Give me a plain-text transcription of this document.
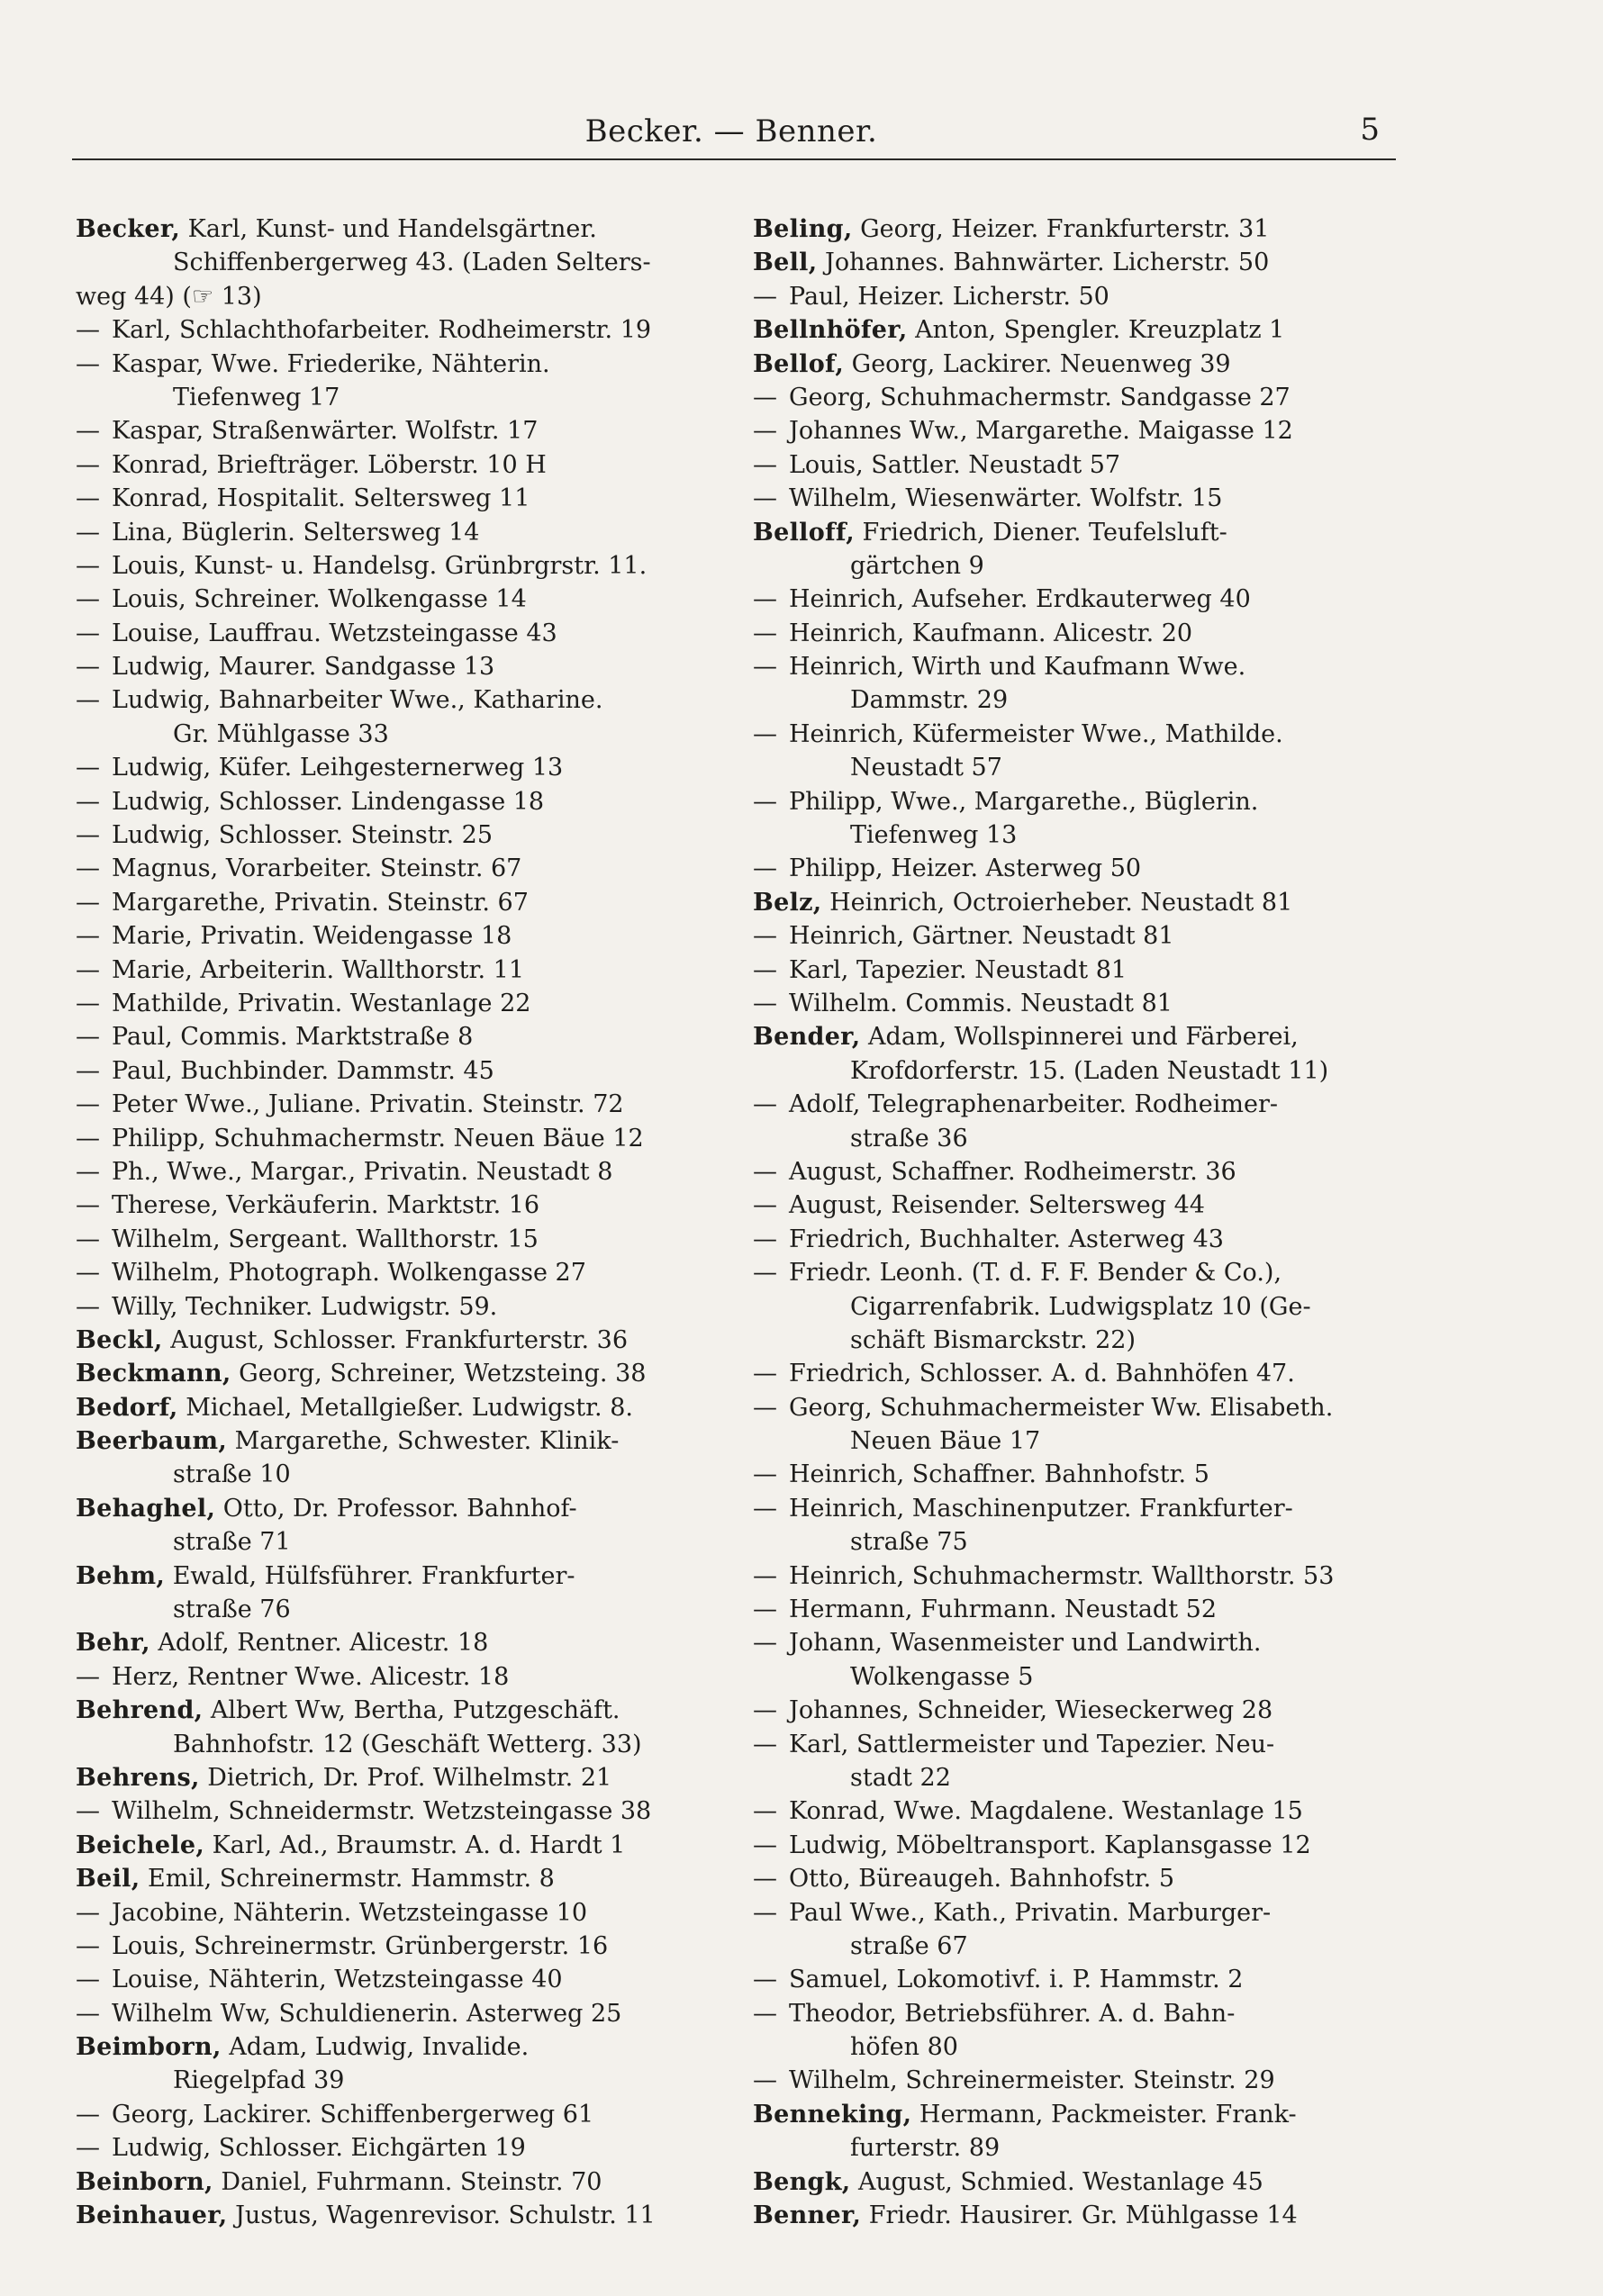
Becker. — Benner.	5
Becker, Karl, Kunst- und Handelsgärtner.
Schiffenbergerweg 43. (Laden Selters-
weg 44) (☞ 13)
— Karl, Schlachthofarbeiter. Rodheimerstr. 19
— Kaspar, Wwe. Friederike, Nähterin.
Tiefenweg 17
— Kaspar, Straßenwärter. Wolfstr. 17
— Konrad, Briefträger. Löberstr. 10 H
— Konrad, Hospitalit. Seltersweg 11
— Lina, Büglerin. Seltersweg 14
— Louis, Kunst- u. Handelsg. Grünbrgrstr. 11.
— Louis, Schreiner. Wolkengasse 14
— Louise, Lauffrau. Wetzsteingasse 43
— Ludwig, Maurer. Sandgasse 13
— Ludwig, Bahnarbeiter Wwe., Katharine.
Gr. Mühlgasse 33
— Ludwig, Küfer. Leihgesternerweg 13
— Ludwig, Schlosser. Lindengasse 18
— Ludwig, Schlosser. Steinstr. 25
— Magnus, Vorarbeiter. Steinstr. 67
— Margarethe, Privatin. Steinstr. 67
— Marie, Privatin. Weidengasse 18
— Marie, Arbeiterin. Wallthorstr. 11
— Mathilde, Privatin. Westanlage 22
— Paul, Commis. Marktstraße 8
— Paul, Buchbinder. Dammstr. 45
— Peter Wwe., Juliane. Privatin. Steinstr. 72
— Philipp, Schuhmachermstr. Neuen Bäue 12
— Ph., Wwe., Margar., Privatin. Neustadt 8
— Therese, Verkäuferin. Marktstr. 16
— Wilhelm, Sergeant. Wallthorstr. 15
— Wilhelm, Photograph. Wolkengasse 27
— Willy, Techniker. Ludwigstr. 59.
Beckl, August, Schlosser. Frankfurterstr. 36
Beckmann, Georg, Schreiner, Wetzsteing. 38
Bedorf, Michael, Metallgießer. Ludwigstr. 8.
Beerbaum, Margarethe, Schwester. Klinik-
straße 10
Behaghel, Otto, Dr. Professor. Bahnhof-
straße 71
Behm, Ewald, Hülfsführer. Frankfurter-
straße 76
Behr, Adolf, Rentner. Alicestr. 18
— Herz, Rentner Wwe. Alicestr. 18
Behrend, Albert Ww, Bertha, Putzgeschäft.
Bahnhofstr. 12 (Geschäft Wetterg. 33)
Behrens, Dietrich, Dr. Prof. Wilhelmstr. 21
— Wilhelm, Schneidermstr. Wetzsteingasse 38
Beichele, Karl, Ad., Braumstr. A. d. Hardt 1
Beil, Emil, Schreinermstr. Hammstr. 8
— Jacobine, Nähterin. Wetzsteingasse 10
— Louis, Schreinermstr. Grünbergerstr. 16
— Louise, Nähterin, Wetzsteingasse 40
— Wilhelm Ww, Schuldienerin. Asterweg 25
Beimborn, Adam, Ludwig, Invalide.
Riegelpfad 39
— Georg, Lackirer. Schiffenbergerweg 61
— Ludwig, Schlosser. Eichgärten 19
Beinborn, Daniel, Fuhrmann. Steinstr. 70
Beinhauer, Justus, Wagenrevisor. Schulstr. 11
Beling, Georg, Heizer. Frankfurterstr. 31
Bell, Johannes. Bahnwärter. Licherstr. 50
— Paul, Heizer. Licherstr. 50
Bellnhöfer, Anton, Spengler. Kreuzplatz 1
Bellof, Georg, Lackirer. Neuenweg 39
— Georg, Schuhmachermstr. Sandgasse 27
— Johannes Ww., Margarethe. Maigasse 12
— Louis, Sattler. Neustadt 57
— Wilhelm, Wiesenwärter. Wolfstr. 15
Belloff, Friedrich, Diener. Teufelsluft-
gärtchen 9
— Heinrich, Aufseher. Erdkauterweg 40
— Heinrich, Kaufmann. Alicestr. 20
— Heinrich, Wirth und Kaufmann Wwe.
Dammstr. 29
— Heinrich, Küfermeister Wwe., Mathilde.
Neustadt 57
— Philipp, Wwe., Margarethe., Büglerin.
Tiefenweg 13
— Philipp, Heizer. Asterweg 50
Belz, Heinrich, Octroierheber. Neustadt 81
— Heinrich, Gärtner. Neustadt 81
— Karl, Tapezier. Neustadt 81
— Wilhelm. Commis. Neustadt 81
Bender, Adam, Wollspinnerei und Färberei,
Krofdorferstr. 15. (Laden Neustadt 11)
— Adolf, Telegraphenarbeiter. Rodheimer-
straße 36
— August, Schaffner. Rodheimerstr. 36
— August, Reisender. Seltersweg 44
— Friedrich, Buchhalter. Asterweg 43
— Friedr. Leonh. (T. d. F. F. Bender & Co.),
Cigarrenfabrik. Ludwigsplatz 10 (Ge-
schäft Bismarckstr. 22)
— Friedrich, Schlosser. A. d. Bahnhöfen 47.
— Georg, Schuhmachermeister Ww. Elisabeth.
Neuen Bäue 17
— Heinrich, Schaffner. Bahnhofstr. 5
— Heinrich, Maschinenputzer. Frankfurter-
straße 75
— Heinrich, Schuhmachermstr. Wallthorstr. 53
— Hermann, Fuhrmann. Neustadt 52
— Johann, Wasenmeister und Landwirth.
Wolkengasse 5
— Johannes, Schneider, Wieseckerweg 28
— Karl, Sattlermeister und Tapezier. Neu-
stadt 22
— Konrad, Wwe. Magdalene. Westanlage 15
— Ludwig, Möbeltransport. Kaplansgasse 12
— Otto, Büreaugeh. Bahnhofstr. 5
— Paul Wwe., Kath., Privatin. Marburger-
straße 67
— Samuel, Lokomotivf. i. P. Hammstr. 2
— Theodor, Betriebsführer. A. d. Bahn-
höfen 80
— Wilhelm, Schreinermeister. Steinstr. 29
Benneking, Hermann, Packmeister. Frank-
furterstr. 89
Bengk, August, Schmied. Westanlage 45
Benner, Friedr. Hausirer. Gr. Mühlgasse 14
